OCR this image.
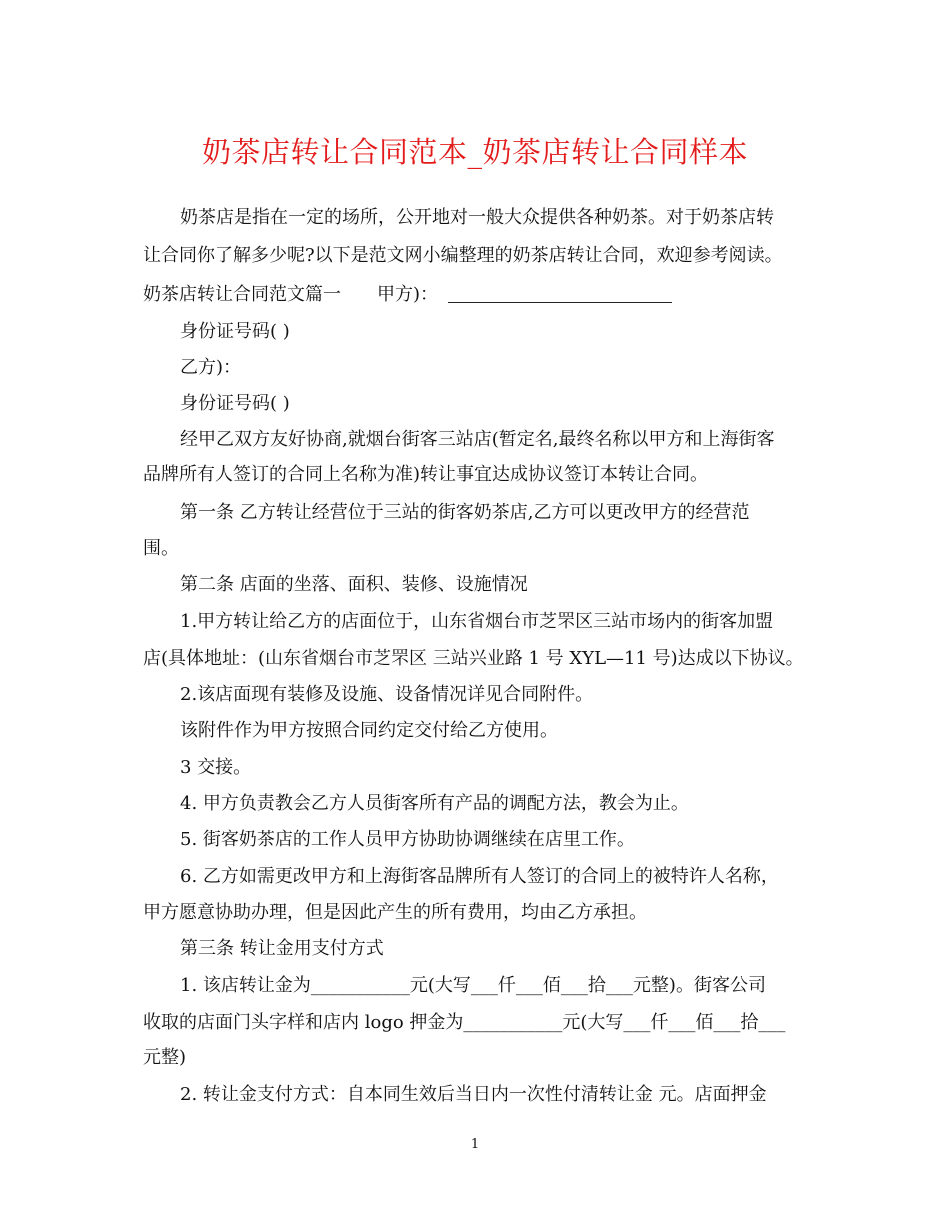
奶茶店转让合同范本_奶茶店转让合同样本
奶茶店是指在一定的场所，公开地对一般大众提供各种奶茶。对于奶茶店转
让合同你了解多少呢?以下是范文网小编整理的奶茶店转让合同，欢迎参考阅读。
奶茶店转让合同范文篇一 甲方)：
身份证号码( )
乙方)：
身份证号码( )
经甲乙双方友好协商,就烟台街客三站店(暂定名,最终名称以甲方和上海街客
品牌所有人签订的合同上名称为准)转让事宜达成协议签订本转让合同。
第一条 乙方转让经营位于三站的街客奶茶店,乙方可以更改甲方的经营范
围。
第二条 店面的坐落、面积、装修、设施情况
1.甲方转让给乙方的店面位于，山东省烟台市芝罘区三站市场内的街客加盟
店(具体地址：(山东省烟台市芝罘区 三站兴业路 1 号 XYL—11 号)达成以下协议。
2.该店面现有装修及设施、设备情况详见合同附件。
该附件作为甲方按照合同约定交付给乙方使用。
3 交接。
4. 甲方负责教会乙方人员街客所有产品的调配方法，教会为止。
5. 街客奶茶店的工作人员甲方协助协调继续在店里工作。
6. 乙方如需更改甲方和上海街客品牌所有人签订的合同上的被特许人名称，
甲方愿意协助办理，但是因此产生的所有费用，均由乙方承担。
第三条 转让金用支付方式
1. 该店转让金为___________元(大写___仟___佰___拾___元整)。街客公司
收取的店面门头字样和店内 logo 押金为___________元(大写___仟___佰___拾___
元整)
2. 转让金支付方式：自本同生效后当日内一次性付清转让金 元。店面押金
1
